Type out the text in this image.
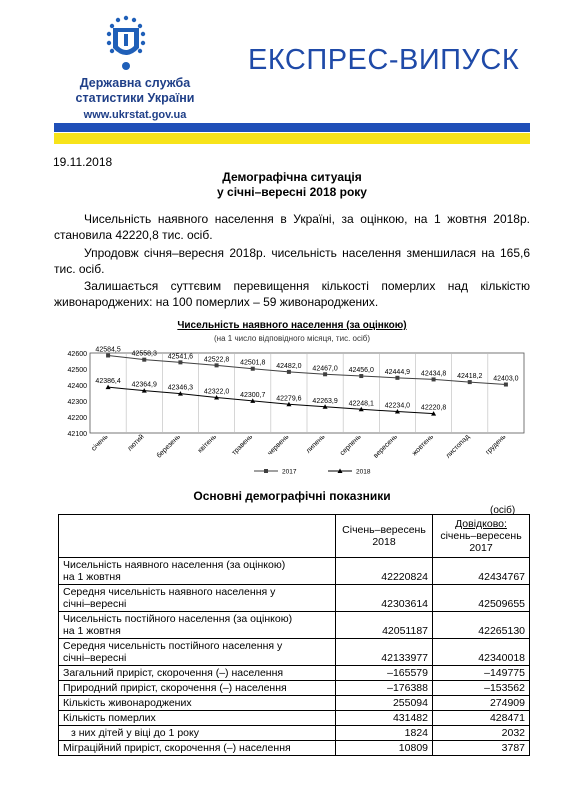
Державна служба
статистики України
www.ukrstat.gov.ua
ЕКСПРЕС-ВИПУСК
19.11.2018
Демографічна ситуація
у січні–вересні 2018 року
Чисельність наявного населення в Україні, за оцінкою, на 1 жовтня 2018р. становила 42220,8 тис. осіб.
Упродовж січня–вересня 2018р. чисельність населення зменшилася на 165,6 тис. осіб.
Залишається суттєвим перевищення кількості померлих над кількістю живонароджених: на 100 померлих – 59 живонароджених.
Чисельність наявного населення (за оцінкою)
(на 1 число відповідного місяця, тис. осіб)
42600
42500
42400
42300
42200
42100 січень лютий березень квітень травень червень липень серпень вересень жовтень листопад грудень
42584,5
42558,3 42541,6 42522,8 42501,8 42482,0 42467,0 42456,0 42444,9 42434,8 42418,2 42403,0
42386,4 42364,9 42346,3
42322,0 42300,7 42279,6 42263,9 42248,1 42234,0 42220,8
2017	2018
Основні демографічні показники
(осіб)
	Січень–вересень 2018	Довідково:
січень–вересень 2017
Чисельність наявного населення (за оцінкою)
на 1 жовтня	42220824	42434767
Середня чисельність наявного населення у
січні–вересні	42303614	42509655
Чисельність постійного населення (за оцінкою)
на 1 жовтня	42051187	42265130
Середня чисельність постійного населення у
січні–вересні	42133977	42340018
Загальний приріст, скорочення (–) населення	–165579	–149775
Природний приріст, скорочення (–) населення	–176388	–153562
Кількість живонароджених	255094	274909
Кількість померлих	431482	428471
з них дітей у віці до 1 року	1824	2032
Міграційний приріст, скорочення (–) населення	10809	3787
